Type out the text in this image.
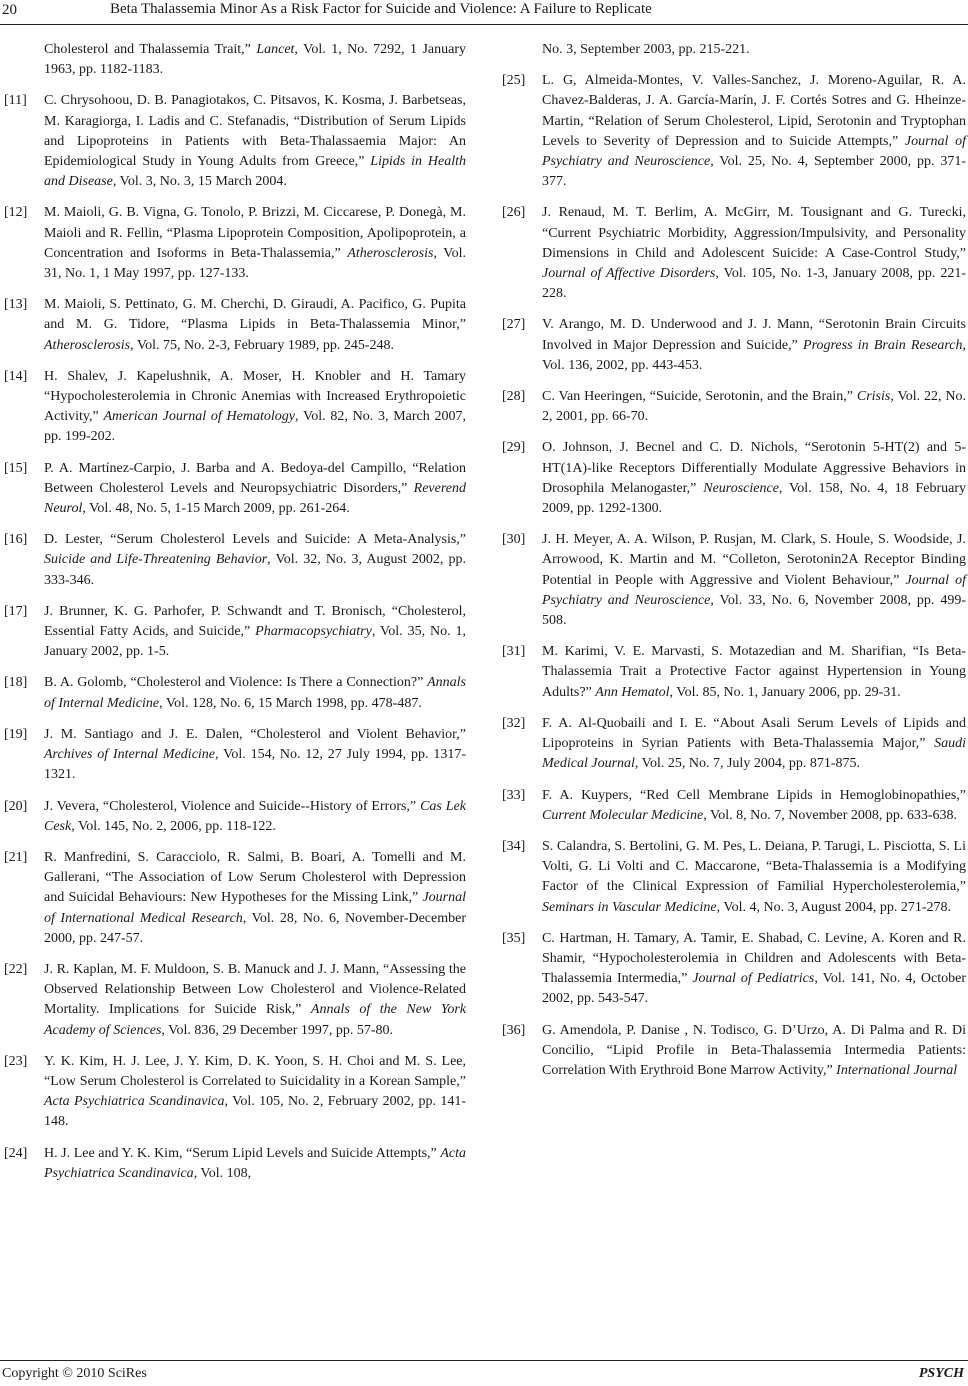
20	Beta Thalassemia Minor As a Risk Factor for Suicide and Violence: A Failure to Replicate
Cholesterol and Thalassemia Trait,” Lancet, Vol. 1, No. 7292, 1 January 1963, pp. 1182-1183.
[11] C. Chrysohoou, D. B. Panagiotakos, C. Pitsavos, K. Kosma, J. Barbetseas, M. Karagiorga, I. Ladis and C. Stefanadis, “Distribution of Serum Lipids and Lipoproteins in Patients with Beta-Thalassaemia Major: An Epidemiological Study in Young Adults from Greece,” Lipids in Health and Disease, Vol. 3, No. 3, 15 March 2004.
[12] M. Maioli, G. B. Vigna, G. Tonolo, P. Brizzi, M. Ciccarese, P. Donegà, M. Maioli and R. Fellin, “Plasma Lipoprotein Composition, Apolipoprotein, a Concentration and Isoforms in Beta-Thalassemia,” Atherosclerosis, Vol. 31, No. 1, 1 May 1997, pp. 127-133.
[13] M. Maioli, S. Pettinato, G. M. Cherchi, D. Giraudi, A. Pacifico, G. Pupita and M. G. Tidore, “Plasma Lipids in Beta-Thalassemia Minor,” Atherosclerosis, Vol. 75, No. 2-3, February 1989, pp. 245-248.
[14] H. Shalev, J. Kapelushnik, A. Moser, H. Knobler and H. Tamary “Hypocholesterolemia in Chronic Anemias with Increased Erythropoietic Activity,” American Journal of Hematology, Vol. 82, No. 3, March 2007, pp. 199-202.
[15] P. A. Martínez-Carpio, J. Barba and A. Bedoya-del Campillo, “Relation Between Cholesterol Levels and Neuropsychiatric Disorders,” Reverend Neurol, Vol. 48, No. 5, 1-15 March 2009, pp. 261-264.
[16] D. Lester, “Serum Cholesterol Levels and Suicide: A Meta-Analysis,” Suicide and Life-Threatening Behavior, Vol. 32, No. 3, August 2002, pp. 333-346.
[17] J. Brunner, K. G. Parhofer, P. Schwandt and T. Bronisch, “Cholesterol, Essential Fatty Acids, and Suicide,” Pharmacopsychiatry, Vol. 35, No. 1, January 2002, pp. 1-5.
[18] B. A. Golomb, “Cholesterol and Violence: Is There a Connection?” Annals of Internal Medicine, Vol. 128, No. 6, 15 March 1998, pp. 478-487.
[19] J. M. Santiago and J. E. Dalen, “Cholesterol and Violent Behavior,” Archives of Internal Medicine, Vol. 154, No. 12, 27 July 1994, pp. 1317-1321.
[20] J. Vevera, “Cholesterol, Violence and Suicide--History of Errors,” Cas Lek Cesk, Vol. 145, No. 2, 2006, pp. 118-122.
[21] R. Manfredini, S. Caracciolo, R. Salmi, B. Boari, A. Tomelli and M. Gallerani, “The Association of Low Serum Cholesterol with Depression and Suicidal Behaviours: New Hypotheses for the Missing Link,” Journal of International Medical Research, Vol. 28, No. 6, November-December 2000, pp. 247-57.
[22] J. R. Kaplan, M. F. Muldoon, S. B. Manuck and J. J. Mann, “Assessing the Observed Relationship Between Low Cholesterol and Violence-Related Mortality. Implications for Suicide Risk,” Annals of the New York Academy of Sciences, Vol. 836, 29 December 1997, pp. 57-80.
[23] Y. K. Kim, H. J. Lee, J. Y. Kim, D. K. Yoon, S. H. Choi and M. S. Lee, “Low Serum Cholesterol is Correlated to Suicidality in a Korean Sample,” Acta Psychiatrica Scandinavica, Vol. 105, No. 2, February 2002, pp. 141-148.
[24] H. J. Lee and Y. K. Kim, “Serum Lipid Levels and Suicide Attempts,” Acta Psychiatrica Scandinavica, Vol. 108,
No. 3, September 2003, pp. 215-221.
[25] L. G, Almeida-Montes, V. Valles-Sanchez, J. Moreno-Aguilar, R. A. Chavez-Balderas, J. A. García-Marín, J. F. Cortés Sotres and G. Hheinze-Martin, “Relation of Serum Cholesterol, Lipid, Serotonin and Tryptophan Levels to Severity of Depression and to Suicide Attempts,” Journal of Psychiatry and Neuroscience, Vol. 25, No. 4, September 2000, pp. 371-377.
[26] J. Renaud, M. T. Berlim, A. McGirr, M. Tousignant and G. Turecki, “Current Psychiatric Morbidity, Aggression/Impulsivity, and Personality Dimensions in Child and Adolescent Suicide: A Case-Control Study,” Journal of Affective Disorders, Vol. 105, No. 1-3, January 2008, pp. 221-228.
[27] V. Arango, M. D. Underwood and J. J. Mann, “Serotonin Brain Circuits Involved in Major Depression and Suicide,” Progress in Brain Research, Vol. 136, 2002, pp. 443-453.
[28] C. Van Heeringen, “Suicide, Serotonin, and the Brain,” Crisis, Vol. 22, No. 2, 2001, pp. 66-70.
[29] O. Johnson, J. Becnel and C. D. Nichols, “Serotonin 5-HT(2) and 5-HT(1A)-like Receptors Differentially Modulate Aggressive Behaviors in Drosophila Melanogaster,” Neuroscience, Vol. 158, No. 4, 18 February 2009, pp. 1292-1300.
[30] J. H. Meyer, A. A. Wilson, P. Rusjan, M. Clark, S. Houle, S. Woodside, J. Arrowood, K. Martin and M. “Colleton, Serotonin2A Receptor Binding Potential in People with Aggressive and Violent Behaviour,” Journal of Psychiatry and Neuroscience, Vol. 33, No. 6, November 2008, pp. 499-508.
[31] M. Karimi, V. E. Marvasti, S. Motazedian and M. Sharifian, “Is Beta-Thalassemia Trait a Protective Factor against Hypertension in Young Adults?” Ann Hematol, Vol. 85, No. 1, January 2006, pp. 29-31.
[32] F. A. Al-Quobaili and I. E. “About Asali Serum Levels of Lipids and Lipoproteins in Syrian Patients with Beta-Thalassemia Major,” Saudi Medical Journal, Vol. 25, No. 7, July 2004, pp. 871-875.
[33] F. A. Kuypers, “Red Cell Membrane Lipids in Hemoglobinopathies,” Current Molecular Medicine, Vol. 8, No. 7, November 2008, pp. 633-638.
[34] S. Calandra, S. Bertolini, G. M. Pes, L. Deiana, P. Tarugi, L. Pisciotta, S. Li Volti, G. Li Volti and C. Maccarone, “Beta-Thalassemia is a Modifying Factor of the Clinical Expression of Familial Hypercholesterolemia,” Seminars in Vascular Medicine, Vol. 4, No. 3, August 2004, pp. 271-278.
[35] C. Hartman, H. Tamary, A. Tamir, E. Shabad, C. Levine, A. Koren and R. Shamir, “Hypocholesterolemia in Children and Adolescents with Beta-Thalassemia Intermedia,” Journal of Pediatrics, Vol. 141, No. 4, October 2002, pp. 543-547.
[36] G. Amendola, P. Danise , N. Todisco, G. D’Urzo, A. Di Palma and R. Di Concilio, “Lipid Profile in Beta-Thalassemia Intermedia Patients: Correlation With Erythroid Bone Marrow Activity,” International Journal
Copyright © 2010 SciRes	PSYCH
